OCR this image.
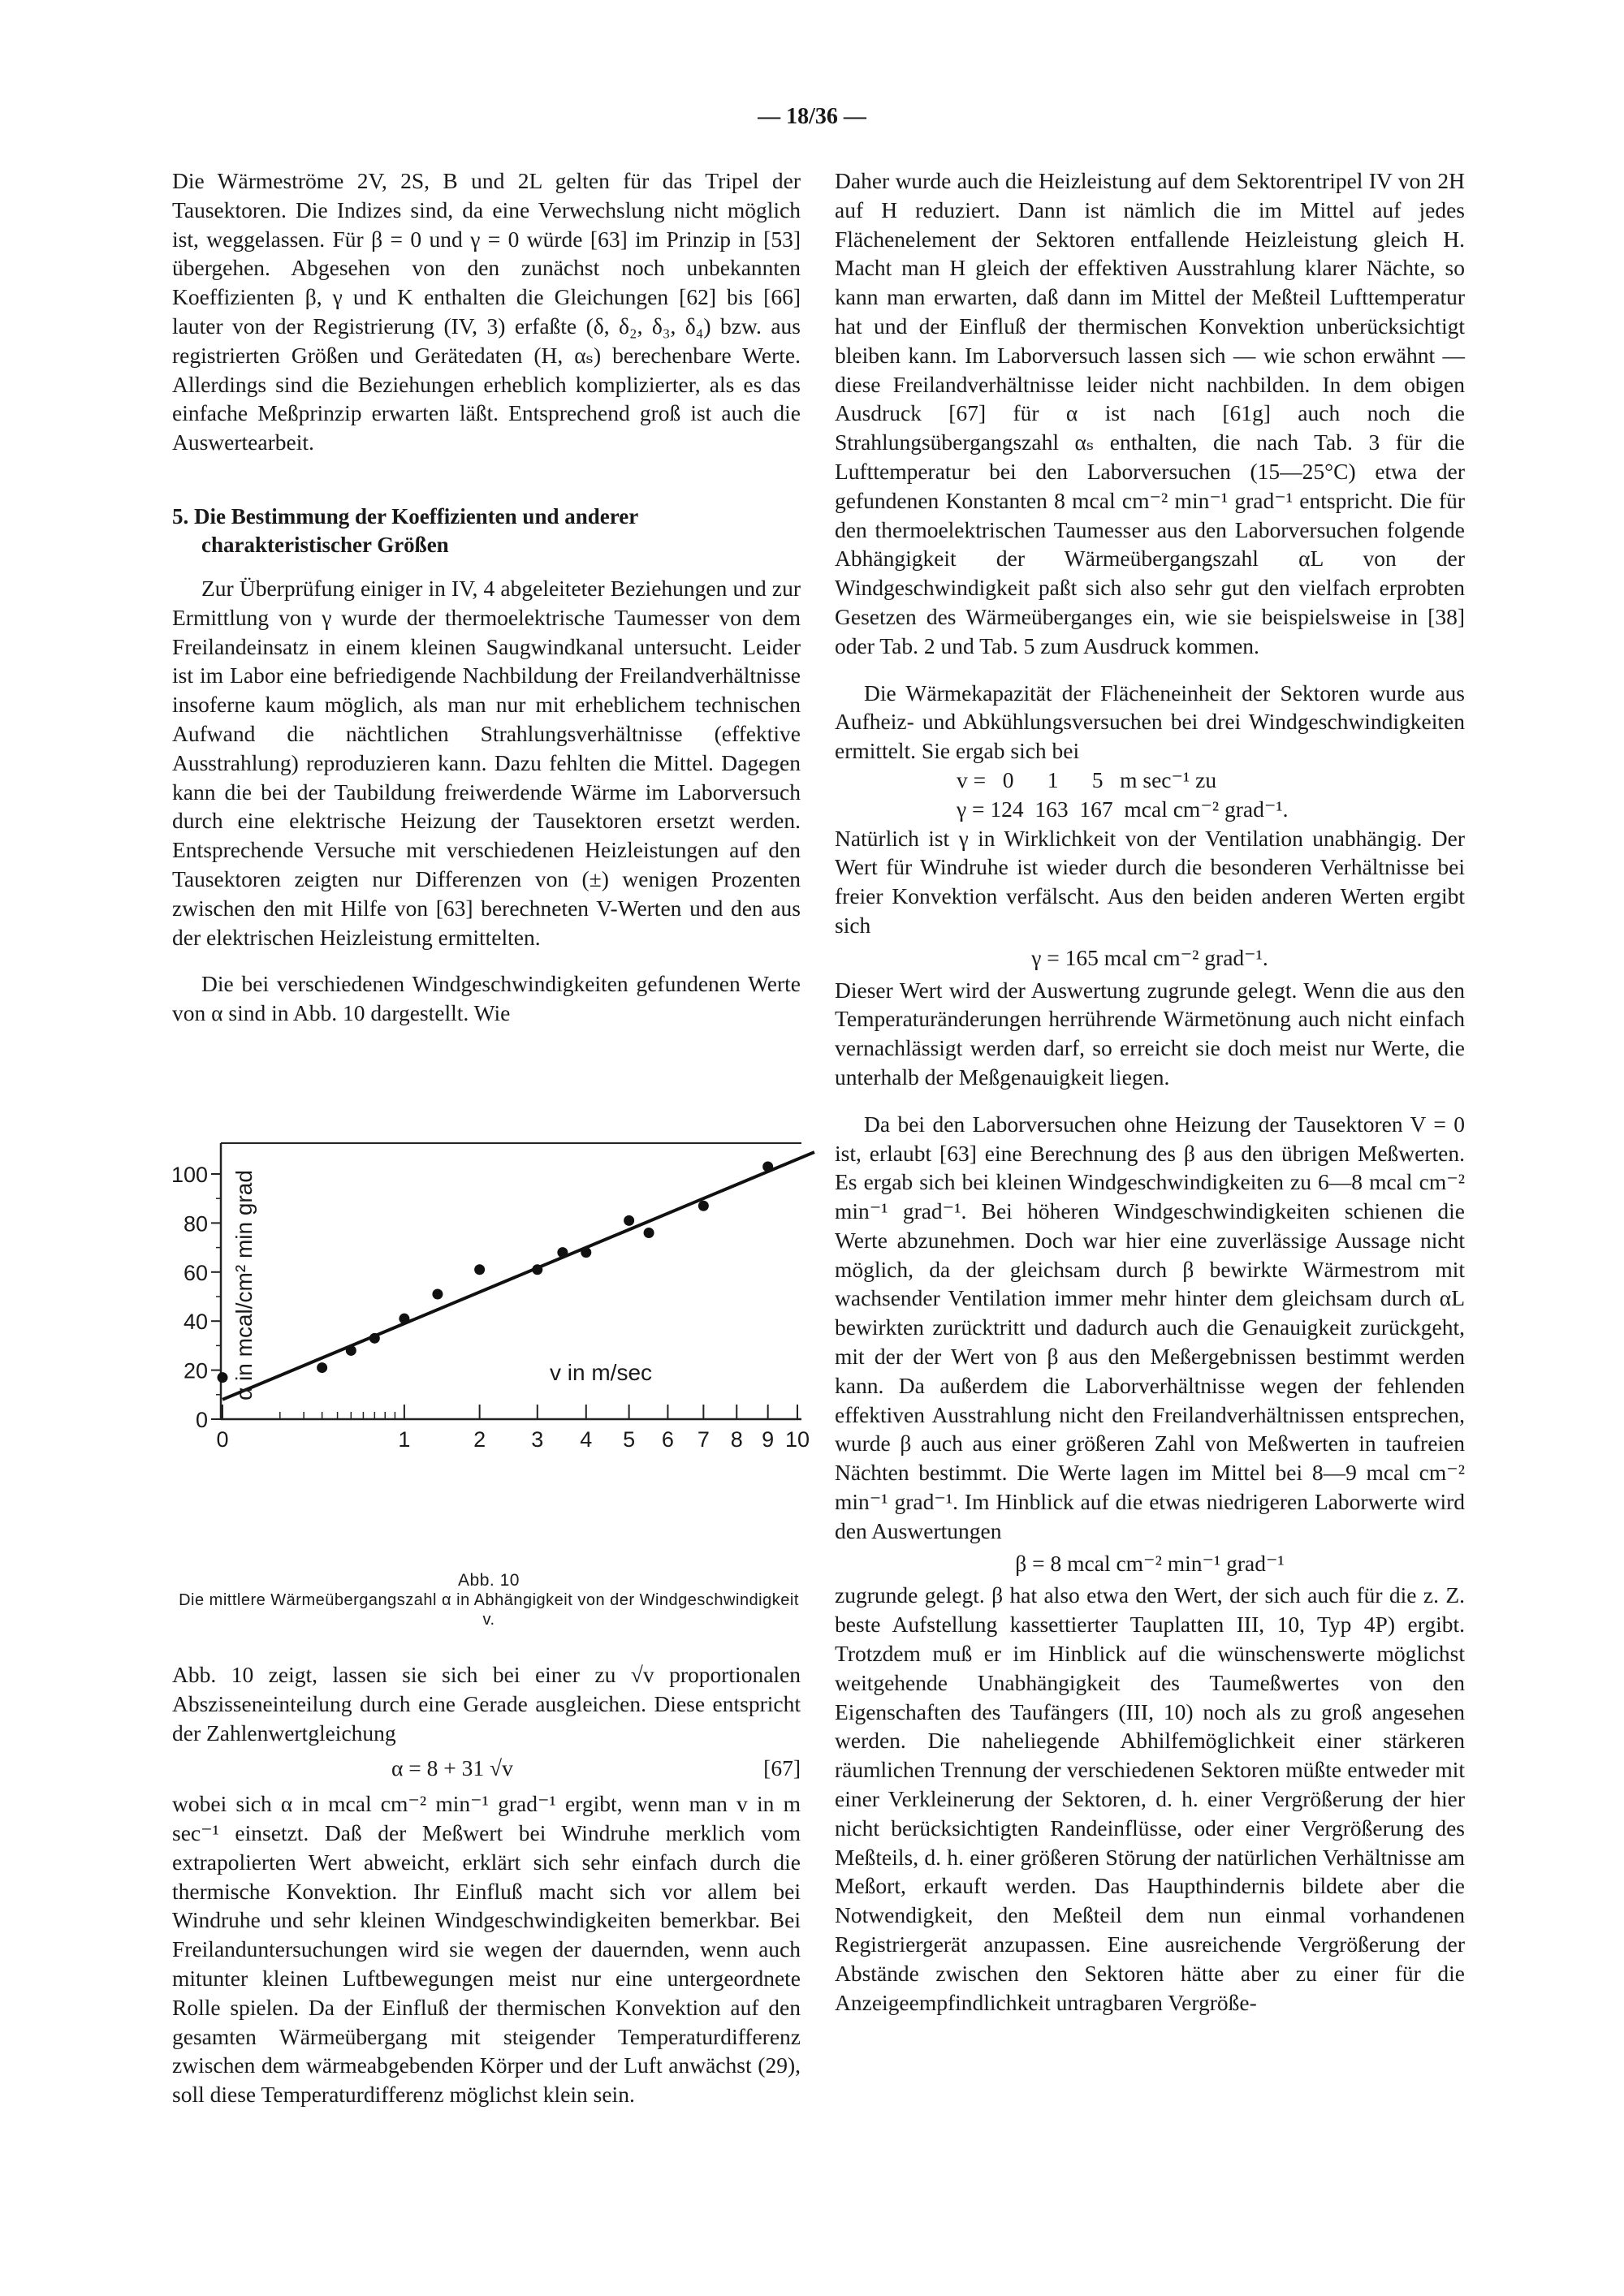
— 18/36 —

Die Wärmeströme 2V, 2S, B und 2L gelten für das Tripel der Tausektoren. Die Indizes sind, da eine Verwechslung nicht möglich ist, weggelassen. Für β = 0 und γ = 0 würde [63] im Prinzip in [53] übergehen. Abgesehen von den zunächst noch unbekannten Koeffizienten β, γ und K enthalten die Gleichungen [62] bis [66] lauter von der Registrierung (IV, 3) erfaßte (δ, δ₂, δ₃, δ₄) bzw. aus registrierten Größen und Gerätedaten (H, αₛ) berechenbare Werte. Allerdings sind die Beziehungen erheblich komplizierter, als es das einfache Meßprinzip erwarten läßt. Entsprechend groß ist auch die Auswertearbeit.

5. Die Bestimmung der Koeffizienten und anderer charakteristischer Größen

Zur Überprüfung einiger in IV, 4 abgeleiteter Beziehungen und zur Ermittlung von γ wurde der thermoelektrische Taumesser von dem Freilandeinsatz in einem kleinen Saugwindkanal untersucht. Leider ist im Labor eine befriedigende Nachbildung der Freilandverhältnisse insoferne kaum möglich, als man nur mit erheblichem technischen Aufwand die nächtlichen Strahlungsverhältnisse (effektive Ausstrahlung) reproduzieren kann. Dazu fehlten die Mittel. Dagegen kann die bei der Taubildung freiwerdende Wärme im Laborversuch durch eine elektrische Heizung der Tausektoren ersetzt werden. Entsprechende Versuche mit verschiedenen Heizleistungen auf den Tausektoren zeigten nur Differenzen von (±) wenigen Prozenten zwischen den mit Hilfe von [63] berechneten V-Werten und den aus der elektrischen Heizleistung ermittelten.

Die bei verschiedenen Windgeschwindigkeiten gefundenen Werte von α sind in Abb. 10 dargestellt. Wie

0
20
40
60
80
100
0	1	2 3 4 5 6 7 8 9 10
α in mcal/cm² min grad	v in m/sec
Abb. 10
Die mittlere Wärmeübergangszahl α in Abhängigkeit von der Windgeschwindigkeit v.

Abb. 10 zeigt, lassen sie sich bei einer zu √v proportionalen Abszisseneinteilung durch eine Gerade ausgleichen. Diese entspricht der Zahlenwertgleichung

α = 8 + 31 √v	[67]

wobei sich α in mcal cm⁻² min⁻¹ grad⁻¹ ergibt, wenn man v in m sec⁻¹ einsetzt. Daß der Meßwert bei Windruhe merklich vom extrapolierten Wert abweicht, erklärt sich sehr einfach durch die thermische Konvektion. Ihr Einfluß macht sich vor allem bei Windruhe und sehr kleinen Windgeschwindigkeiten bemerkbar. Bei Freilanduntersuchungen wird sie wegen der dauernden, wenn auch mitunter kleinen Luftbewegungen meist nur eine untergeordnete Rolle spielen. Da der Einfluß der thermischen Konvektion auf den gesamten Wärmeübergang mit steigender Temperaturdifferenz zwischen dem wärmeabgebenden Körper und der Luft anwächst (29), soll diese Temperaturdifferenz möglichst klein sein.

Daher wurde auch die Heizleistung auf dem Sektorentripel IV von 2H auf H reduziert. Dann ist nämlich die im Mittel auf jedes Flächenelement der Sektoren entfallende Heizleistung gleich H. Macht man H gleich der effektiven Ausstrahlung klarer Nächte, so kann man erwarten, daß dann im Mittel der Meßteil Lufttemperatur hat und der Einfluß der thermischen Konvektion unberücksichtigt bleiben kann. Im Laborversuch lassen sich — wie schon erwähnt — diese Freilandverhältnisse leider nicht nachbilden. In dem obigen Ausdruck [67] für α ist nach [61g] auch noch die Strahlungsübergangszahl αₛ enthalten, die nach Tab. 3 für die Lufttemperatur bei den Laborversuchen (15—25°C) etwa der gefundenen Konstanten 8 mcal cm⁻² min⁻¹ grad⁻¹ entspricht. Die für den thermoelektrischen Taumesser aus den Laborversuchen folgende Abhängigkeit der Wärmeübergangszahl αL von der Windgeschwindigkeit paßt sich also sehr gut den vielfach erprobten Gesetzen des Wärmeüberganges ein, wie sie beispielsweise in [38] oder Tab. 2 und Tab. 5 zum Ausdruck kommen.

Die Wärmekapazität der Flächeneinheit der Sektoren wurde aus Aufheiz- und Abkühlungsversuchen bei drei Windgeschwindigkeiten ermittelt. Sie ergab sich bei

v =   0      1      5   m sec⁻¹ zu

γ = 124  163  167  mcal cm⁻² grad⁻¹.

Natürlich ist γ in Wirklichkeit von der Ventilation unabhängig. Der Wert für Windruhe ist wieder durch die besonderen Verhältnisse bei freier Konvektion verfälscht. Aus den beiden anderen Werten ergibt sich

γ = 165 mcal cm⁻² grad⁻¹.

Dieser Wert wird der Auswertung zugrunde gelegt. Wenn die aus den Temperaturänderungen herrührende Wärmetönung auch nicht einfach vernachlässigt werden darf, so erreicht sie doch meist nur Werte, die unterhalb der Meßgenauigkeit liegen.

Da bei den Laborversuchen ohne Heizung der Tausektoren V = 0 ist, erlaubt [63] eine Berechnung des β aus den übrigen Meßwerten. Es ergab sich bei kleinen Windgeschwindigkeiten zu 6—8 mcal cm⁻² min⁻¹ grad⁻¹. Bei höheren Windgeschwindigkeiten schienen die Werte abzunehmen. Doch war hier eine zuverlässige Aussage nicht möglich, da der gleichsam durch β bewirkte Wärmestrom mit wachsender Ventilation immer mehr hinter dem gleichsam durch αL bewirkten zurücktritt und dadurch auch die Genauigkeit zurückgeht, mit der der Wert von β aus den Meßergebnissen bestimmt werden kann. Da außerdem die Laborverhältnisse wegen der fehlenden effektiven Ausstrahlung nicht den Freilandverhältnissen entsprechen, wurde β auch aus einer größeren Zahl von Meßwerten in taufreien Nächten bestimmt. Die Werte lagen im Mittel bei 8—9 mcal cm⁻² min⁻¹ grad⁻¹. Im Hinblick auf die etwas niedrigeren Laborwerte wird den Auswertungen

β = 8 mcal cm⁻² min⁻¹ grad⁻¹

zugrunde gelegt. β hat also etwa den Wert, der sich auch für die z. Z. beste Aufstellung kassettierter Tauplatten III, 10, Typ 4P) ergibt. Trotzdem muß er im Hinblick auf die wünschenswerte möglichst weitgehende Unabhängigkeit des Taumeßwertes von den Eigenschaften des Taufängers (III, 10) noch als zu groß angesehen werden. Die naheliegende Abhilfemöglichkeit einer stärkeren räumlichen Trennung der verschiedenen Sektoren müßte entweder mit einer Verkleinerung der Sektoren, d. h. einer Vergrößerung der hier nicht berücksichtigten Randeinflüsse, oder einer Vergrößerung des Meßteils, d. h. einer größeren Störung der natürlichen Verhältnisse am Meßort, erkauft werden. Das Haupthindernis bildete aber die Notwendigkeit, den Meßteil dem nun einmal vorhandenen Registriergerät anzupassen. Eine ausreichende Vergrößerung der Abstände zwischen den Sektoren hätte aber zu einer für die Anzeigeempfindlichkeit untragbaren Vergröße-
